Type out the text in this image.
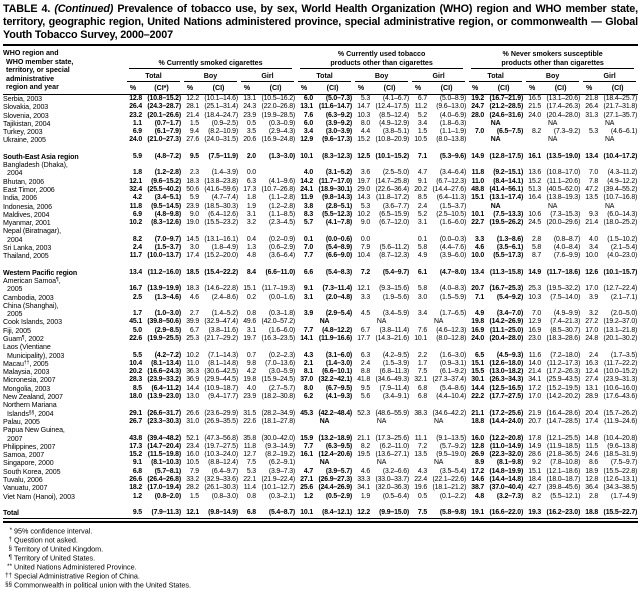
TABLE 4. (Continued) Prevalence of tobacco use, by sex, World Health Organization (WHO) region and WHO member state, territory, geographic region, United Nations administered province, special administrative region, or commonwealth — Global Youth Tobacco Survey, 2000–2007
WHO region and
WHO member state,
territory, or special
administrative
region and year

% Currently smoked cigarettes

% Currently used tobacco
products other than cigarettes

% Never smokers susceptible
products other than cigarettes

	Total		Boy		Girl		Total		Boy		Girl		Total		Boy		Girl	

	%	(CI*)	%	(CI)	%	(CI)	%	(CI)	%	(CI)	%	(CI)	%	(CI)	%	(CI)	%	(CI)

Serbia, 2003	12.8	(10.8–15.2)	12.2	(10.1–14.6)	13.1	(10.5–16.2)	6.0	(5.0–7.3)	5.3	(4.1–6.7)	6.7	(5.0–8.9)	19.2	(16.7–21.9)	16.5	(13.1–20.6)	21.8	(18.4–25.7)

Slovakia, 2003	26.4	(24.3–28.7)	28.1	(25.1–31.4)	24.3	(22.0–26.8)	13.1	(11.6–14.7)	14.7	(12.4–17.5)	11.2	(9.6–13.0)	24.7	(21.2–28.5)	21.5	(17.4–26.3)	26.4	(21.7–31.8)

Slovenia, 2003	23.2	(20.1–26.6)	21.4	(18.4–24.7)	23.9	(19.9–28.5)	7.6	(6.3–9.2)	10.3	(8.5–12.4)	5.2	(4.0–6.9)	28.0	(24.6–31.6)	24.0	(20.4–28.0)	31.3	(27.1–35.7)

Tajikistan, 2004	1.1	(0.7–1.7)	1.5	(0.9–2.5)	0.5	(0.3–0.9)	6.0	(3.9–9.2)	8.0	(4.9–12.9)	3.4	(1.8–6.3)	NA		NA		NA	

Turkey, 2003	6.9	(6.1–7.9)	9.4	(8.2–10.9)	3.5	(2.9–4.3)	3.4	(3.0–3.9)	4.4	(3.8–5.1)	1.5	(1.1–1.9)	7.0	(6.5–7.5)	8.2	(7.3–9.2)	5.3	(4.6–6.1)

Ukraine, 2005	24.0	(21.0–27.3)	27.6	(24.0–31.5)	20.6	(16.9–24.8)	12.9	(9.6–17.3)	15.2	(10.8–20.9)	10.5	(8.0–13.8)	NA		NA		NA	

South-East Asia region	5.9	(4.8–7.2)	9.5	(7.5–11.9)	2.0	(1.3–3.0)	10.1	(8.3–12.3)	12.5	(10.1–15.2)	7.1	(5.3–9.6)	14.9	(12.8–17.5)	16.1	(13.5–19.0)	13.4	(10.4–17.2)

Bangladesh (Dhaka),
2004	1.8	(1.2–2.8)	2.3	(1.4–3.9)	0.0		4.0	(3.1–5.2)	3.6	(2.5–5.0)	4.7	(3.4–6.4)	11.8	(9.2–15.1)	13.6	(10.8–17.0)	7.0	(4.3–11.2)

Bhutan, 2006	12.1	(9.6–15.2)	18.3	(13.8–23.8)	6.3	(4.1–9.6)	14.2	(11.7–17.0)	19.7	(14.7–25.8)	9.1	(6.7–12.3)	11.0	(8.4–14.1)	15.2	(11.1–20.6)	7.8	(4.9–12.2)

East Timor, 2006	32.4	(25.5–40.2)	50.6	(41.6–59.6)	17.3	(10.7–26.8)	24.1	(18.9–30.1)	29.0	(22.6–36.4)	20.2	(14.4–27.6)	48.8	(41.4–56.1)	51.3	(40.5–62.0)	47.2	(39.4–55.2)

India, 2006	4.2	(3.4–5.1)	5.9	(4.7–7.4)	1.8	(1.1–2.8)	11.9	(9.8–14.3)	14.3	(11.8–17.2)	8.5	(6.4–11.3)	15.1	(13.1–17.4)	16.4	(13.8–19.3)	13.5	(10.7–16.8)

Indonesia, 2006	11.8	(9.5–14.5)	23.9	(18.5–30.3)	1.9	(1.2–2.8)	3.8	(2.8–5.1)	5.3	(3.6–7.7)	2.4	(1.5–3.7)	NA		NA		NA	

Maldives, 2004	6.9	(4.8–9.8)	9.0	(6.4–12.6)	3.1	(1.1–8.5)	8.3	(5.5–12.3)	10.2	(6.5–15.9)	5.2	(2.5–10.5)	10.1	(7.5–13.3)	10.6	(7.3–15.3)	9.3	(6.0–14.3)

Myanmar, 2001	10.2	(8.3–12.6)	19.0	(15.5–23.2)	3.2	(2.3–4.5)	5.7	(4.1–7.8)	9.0	(6.7–12.0)	3.1	(1.6–6.0)	22.7	(19.5–26.2)	24.5	(20.0–29.6)	21.4	(18.0–25.2)

Nepal (Biratnagar),
2004	8.2	(7.0–9.7)	14.5	(13.1–16.1)	0.4	(0.2–0.9)	0.1	(0.0–0.6)	0.0		0.1	(0.0–0.3)	3.3	(1.3–8.6)	2.8	(0.8–8.7)	4.0	(1.5–10.2)

Sri Lanka, 2003	2.4	(1.5–3.7)	3.0	(1.8–4.9)	1.3	(0.6–2.9)	7.0	(5.4–8.9)	7.9	(5.6–11.2)	5.8	(4.4–7.6)	4.6	(3.5–6.1)	5.8	(4.0–8.4)	3.4	(2.1–5.4)

Thailand, 2005	11.7	(10.0–13.7)	17.4	(15.2–20.0)	4.8	(3.6–6.4)	7.7	(6.6–9.0)	10.4	(8.7–12.3)	4.9	(3.9–6.0)	10.0	(5.5–17.3)	8.7	(7.6–9.9)	10.0	(4.0–23.0)

Western Pacific region	13.4	(11.2–16.0)	18.5	(15.4–22.2)	8.4	(6.6–11.0)	6.6	(5.4–8.3)	7.2	(5.4–9.7)	6.1	(4.7–8.0)	13.4	(11.3–15.8)	14.9	(11.7–18.6)	12.6	(10.1–15.7)

American Samoa¶,
2005	16.7	(13.9–19.9)	18.3	(14.6–22.8)	15.1	(11.7–19.3)	9.1	(7.3–11.4)	12.1	(9.3–15.6)	5.8	(4.0–8.3)	20.7	(16.7–25.3)	25.3	(19.5–32.2)	17.0	(12.7–22.4)

Cambodia, 2003	2.5	(1.3–4.6)	4.6	(2.4–8.6)	0.2	(0.0–1.6)	3.1	(2.0–4.8)	3.3	(1.9–5.6)	3.0	(1.5–5.9)	7.1	(5.4–9.2)	10.3	(7.5–14.0)	3.9	(2.1–7.1)

China (Shanghai),
2005	1.7	(1.0–3.0)	2.7	(1.4–5.2)	0.8	(0.3–1.8)	3.9	(2.9–5.4)	4.5	(3.4–5.9)	3.4	(1.7–6.5)	4.9	(3.4–7.0)	7.0	(4.9–9.9)	3.2	(2.0–5.0)

Cook Islands, 2003	45.1	(39.8–50.6)	39.9	(32.9–47.4)	49.6	(42.0–57.2)	NA		NA		NA		19.8	(14.2–26.9)	12.9	(7.4–21.3)	27.2	(19.2–37.0)

Fiji, 2005	5.0	(2.9–8.5)	6.7	(3.8–11.6)	3.1	(1.6–6.0)	7.7	(4.8–12.2)	6.7	(3.8–11.4)	7.6	(4.6–12.3)	16.9	(11.1–25.0)	16.9	(8.5–30.7)	17.0	(13.1–21.8)

Guam¶, 2002	22.6	(19.9–25.5)	25.3	(21.7–29.2)	19.7	(16.3–23.5)	14.1	(11.9–16.6)	17.7	(14.3–21.6)	10.1	(8.0–12.8)	24.0	(20.4–28.0)	23.0	(18.3–28.6)	24.8	(20.1–30.2)

Laos (Vientiane
Municipality), 2003	5.5	(4.2–7.2)	10.2	(7.1–14.3)	0.7	(0.2–2.3)	4.3	(3.1–6.0)	6.3	(4.2–9.5)	2.2	(1.6–3.0)	6.5	(4.5–9.3)	11.6	(7.2–18.0)	2.4	(1.7–3.5)

Macau††, 2005	10.4	(8.1–13.4)	11.0	(8.1–14.8)	9.8	(7.0–13.6)	2.1	(1.4–3.0)	2.4	(1.5–3.9)	1.7	(0.9–3.1)	15.1	(12.6–18.0)	14.0	(11.2–17.3)	16.3	(11.7–22.2)

Malaysia, 2003	20.2	(16.6–24.3)	36.3	(30.6–42.5)	4.2	(3.0–5.9)	8.1	(6.6–10.1)	8.8	(6.8–11.3)	7.5	(6.1–9.2)	15.5	(13.0–18.2)	21.4	(17.2–26.3)	12.4	(10.0–15.2)

Micronesia, 2007	28.3	(23.9–33.2)	36.9	(29.9–44.5)	19.8	(15.9–24.5)	37.0	(32.2–42.1)	41.8	(34.6–49.3)	32.1	(27.3–37.4)	30.1	(26.3–34.3)	34.1	(25.9–43.5)	27.4	(23.9–31.3)

Mongolia, 2003	8.5	(6.4–11.2)	14.4	(10.9–18.7)	4.0	(2.7–5.7)	8.0	(6.7–9.5)	9.5	(7.9–11.4)	6.8	(5.4–8.6)	14.4	(12.5–16.5)	17.2	(15.2–19.5)	13.1	(10.6–16.0)

New Zealand, 2007	18.0	(13.9–23.0)	13.0	(9.4–17.7)	23.9	(18.2–30.8)	6.2	(4.1–9.3)	5.6	(3.4–9.1)	6.8	(4.4–10.4)	22.2	(17.7–27.5)	17.0	(14.2–20.2)	28.9	(17.6–43.6)

Northern Mariana
Islands§§, 2004	29.1	(26.6–31.7)	26.6	(23.6–29.9)	31.5	(28.2–34.9)	45.3	(42.2–48.4)	52.3	(48.6–55.9)	38.3	(34.6–42.2)	21.1	(17.2–25.6)	21.9	(16.4–28.6)	20.4	(15.7–26.2)

Palau, 2005	26.7	(23.3–30.3)	31.0	(26.9–35.5)	22.6	(18.1–27.8)	NA		NA		NA		18.8	(14.4–24.0)	20.7	(14.7–28.5)	17.4	(11.9–24.6)

Papua New Guinea,
2007	43.8	(39.4–48.2)	52.1	(47.3–56.8)	35.8	(30.0–42.0)	15.9	(13.2–18.9)	21.1	(17.3–25.6)	11.1	(9.1–13.5)	16.0	(12.2–20.8)	17.8	(12.1–25.5)	14.8	(10.4–20.8)

Philippines, 2007	17.3	(14.7–20.4)	23.4	(19.7–27.5)	11.8	(9.3–14.9)	7.7	(6.3–9.5)	8.2	(6.2–11.0)	7.2	(5.7–9.2)	12.8	(11.0–14.9)	14.9	(11.9–18.5)	11.5	(9.6–13.8)

Samoa, 2007	15.2	(11.5–19.8)	16.0	(10.3–24.0)	12.7	(8.2–19.2)	16.1	(12.4–20.6)	19.5	(13.6–27.1)	13.5	(9.5–19.0)	26.9	(22.3–32.0)	28.6	(21.8–36.5)	24.6	(18.5–31.9)

Singapore, 2000	9.1	(8.1–10.3)	10.5	(8.8–12.4)	7.5	(6.2–9.1)	NA		NA		NA		8.9	(8.1–9.8)	9.2	(7.8–10.8)	8.6	(7.5–9.7)

South Korea, 2005	6.8	(5.7–8.1)	7.9	(6.4–9.7)	5.3	(3.9–7.3)	4.7	(3.9–5.7)	4.6	(3.2–6.6)	4.3	(3.5–5.4)	17.2	(14.8–19.9)	15.1	(12.1–18.6)	18.9	(15.5–22.8)

Tuvalu, 2006	26.6	(26.4–26.8)	33.2	(32.9–33.6)	22.1	(21.9–22.4)	27.1	(26.9–27.3)	33.3	(33.0–33.7)	22.4	(22.1–22.6)	14.6	(14.4–14.8)	18.4	(18.0–18.7)	12.8	(12.6–13.1)

Vanuatu, 2007	18.2	(17.0–19.4)	28.2	(26.1–30.3)	11.4	(10.1–12.7)	25.6	(24.4–26.9)	34.1	(32.0–36.3)	19.6	(18.1–21.2)	38.7	(37.0–40.4)	42.7	(39.8–45.6)	36.4	(34.3–38.5)

Viet Nam (Hanoi), 2003	1.2	(0.8–2.0)	1.5	(0.8–3.0)	0.8	(0.3–2.1)	1.2	(0.5–2.9)	1.9	(0.5–6.4)	0.5	(0.1–2.2)	4.8	(3.2–7.3)	8.2	(5.5–12.1)	2.8	(1.7–4.9)

Total	9.5	(7.9–11.3)	12.1	(9.8–14.9)	6.8	(5.4–8.7)	10.1	(8.4–12.1)	12.2	(9.9–15.0)	7.5	(5.8–9.8)	19.1	(16.6–22.0)	19.3	(16.2–23.0)	18.8	(15.5–22.7)
* 95% confidence interval.
† Question not asked.
§ Territory of United Kingdom.
¶ Territory of United States.
** United Nations Administered Province.
†† Special Administrative Region of China.
§§ Commonwealth in political union with the United States.
